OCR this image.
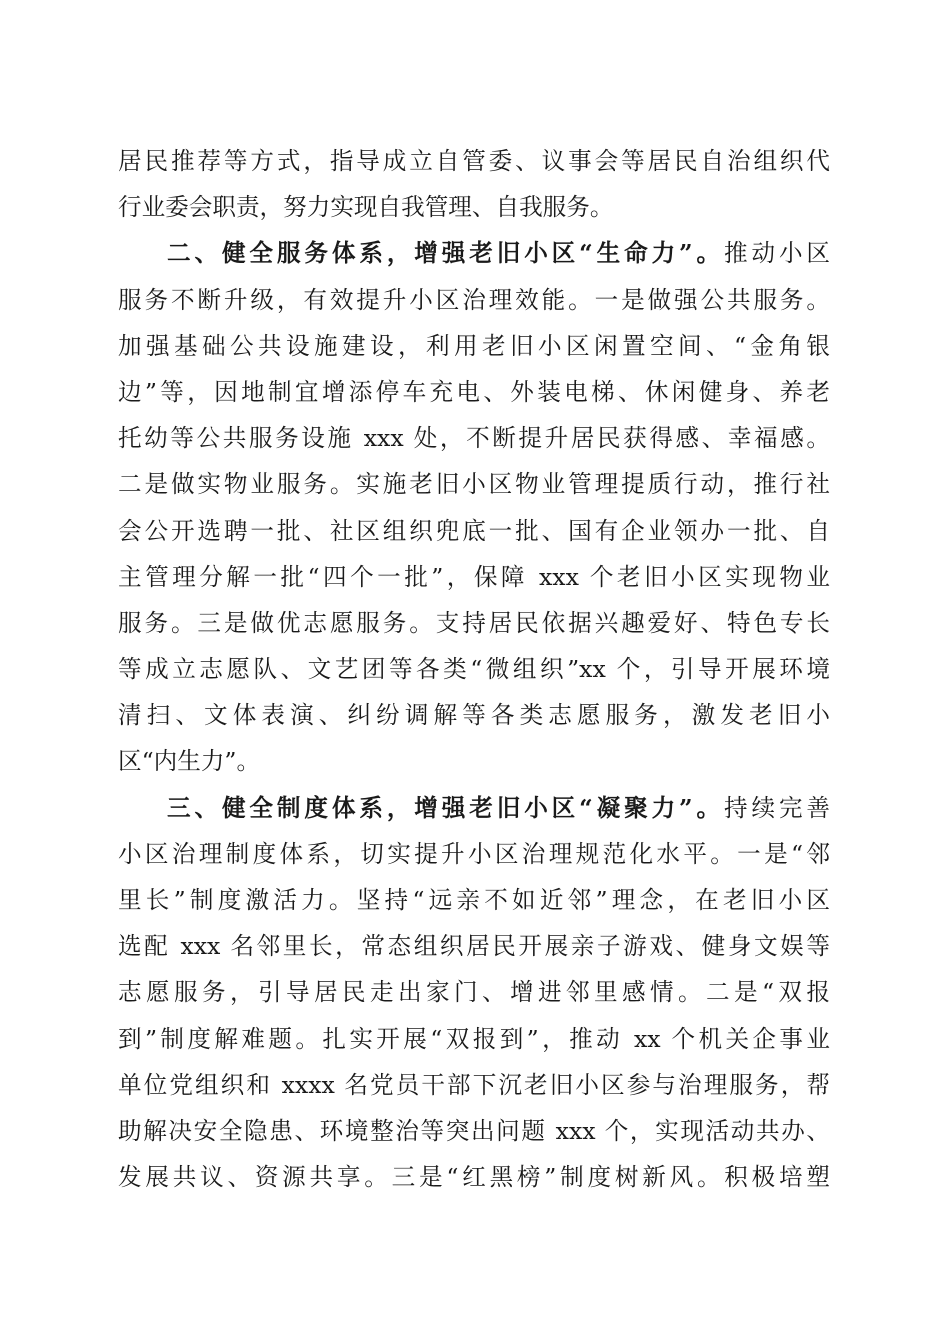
居民推荐等方式，指导成立自管委、议事会等居民自治组织代
行业委会职责，努力实现自我管理、自我服务。
二、健全服务体系，增强老旧小区“生命力”。推动小区
服务不断升级，有效提升小区治理效能。一是做强公共服务。
加强基础公共设施建设，利用老旧小区闲置空间、“金角银
边”等，因地制宜增添停车充电、外装电梯、休闲健身、养老
托幼等公共服务设施 xxx 处，不断提升居民获得感、幸福感。
二是做实物业服务。实施老旧小区物业管理提质行动，推行社
会公开选聘一批、社区组织兜底一批、国有企业领办一批、自
主管理分解一批“四个一批”，保障 xxx 个老旧小区实现物业
服务。三是做优志愿服务。支持居民依据兴趣爱好、特色专长
等成立志愿队、文艺团等各类“微组织”xx 个，引导开展环境
清扫、文体表演、纠纷调解等各类志愿服务，激发老旧小
区“内生力”。
三、健全制度体系，增强老旧小区“凝聚力”。持续完善
小区治理制度体系，切实提升小区治理规范化水平。一是“邻
里长”制度激活力。坚持“远亲不如近邻”理念，在老旧小区
选配 xxx 名邻里长，常态组织居民开展亲子游戏、健身文娱等
志愿服务，引导居民走出家门、增进邻里感情。二是“双报
到”制度解难题。扎实开展“双报到”，推动 xx 个机关企事业
单位党组织和 xxxx 名党员干部下沉老旧小区参与治理服务，帮
助解决安全隐患、环境整治等突出问题 xxx 个，实现活动共办、
发展共议、资源共享。三是“红黑榜”制度树新风。积极培塑
